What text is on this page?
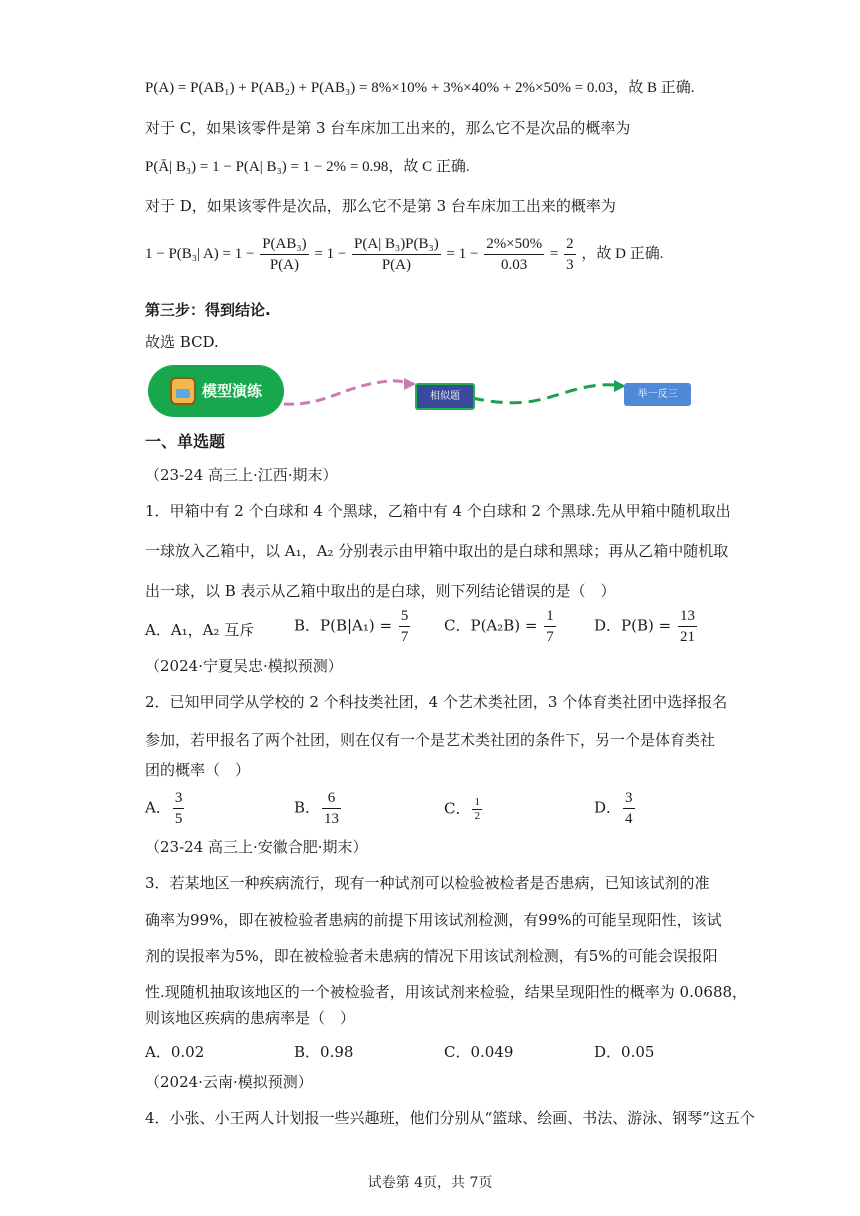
P(A) = P(AB₁) + P(AB₂) + P(AB₃) = 8%×10% + 3%×40% + 2%×50% = 0.03，故 B 正确.
对于 C，如果该零件是第 3 台车床加工出来的，那么它不是次品的概率为
P(Ā| B₃) = 1 − P(A| B₃) = 1 − 2% = 0.98，故 C 正确.
对于 D，如果该零件是次品，那么它不是第 3 台车床加工出来的概率为
1 − P(B₃| $A) = 1 - \frac{\text{P(AB₃)}}{P(A)} = 1 - \frac{\text{P(A| B₃)P(B₃)}}{P(A)} = 1 - \frac{2\%\times 50\%}{0.03} = \frac{2}{3}$ ，故 D 正确.
第三步：得到结论.
故选 BCD.
模型演练	相似题	举一反三
一、单选题
（23-24 高三上·江西·期末）
1．甲箱中有 2 个白球和 4 个黑球，乙箱中有 4 个白球和 2 个黑球.先从甲箱中随机取出
一球放入乙箱中，以 A₁，A₂ 分别表示由甲箱中取出的是白球和黑球；再从乙箱中随机取
出一球，以 B 表示从乙箱中取出的是白球，则下列结论错误的是（　）
A．A₁，A₂ 互斥	B．$P(B|A_1) = \frac{5}{7}$ C．$P(A_2B) = \frac{1}{7}$	D．$P(B) = \frac{13}{21}$
（2024·宁夏吴忠·模拟预测）
2．已知甲同学从学校的 2 个科技类社团，4 个艺术类社团，3 个体育类社团中选择报名
参加，若甲报名了两个社团，则在仅有一个是艺术类社团的条件下，另一个是体育类社
团的概率（　）
A． $\frac{3}{5}$	B． $\frac{6}{13}$	C． $\frac{1}{2}$	D． $\frac{3}{4}$
（23-24 高三上·安徽合肥·期末）
3．若某地区一种疾病流行，现有一种试剂可以检验被检者是否患病，已知该试剂的准
确率为99%，即在被检验者患病的前提下用该试剂检测，有99%的可能呈现阳性，该试
剂的误报率为5%，即在被检验者未患病的情况下用该试剂检测，有5%的可能会误报阳
性.现随机抽取该地区的一个被检验者，用该试剂来检验，结果呈现阳性的概率为 0.0688，
则该地区疾病的患病率是（　）
A．0.02	B．0.98	C．0.049	D．0.05
（2024·云南·模拟预测）
4．小张、小王两人计划报一些兴趣班，他们分别从“篮球、绘画、书法、游泳、钢琴”这五个
试卷第 4页，共 7页
